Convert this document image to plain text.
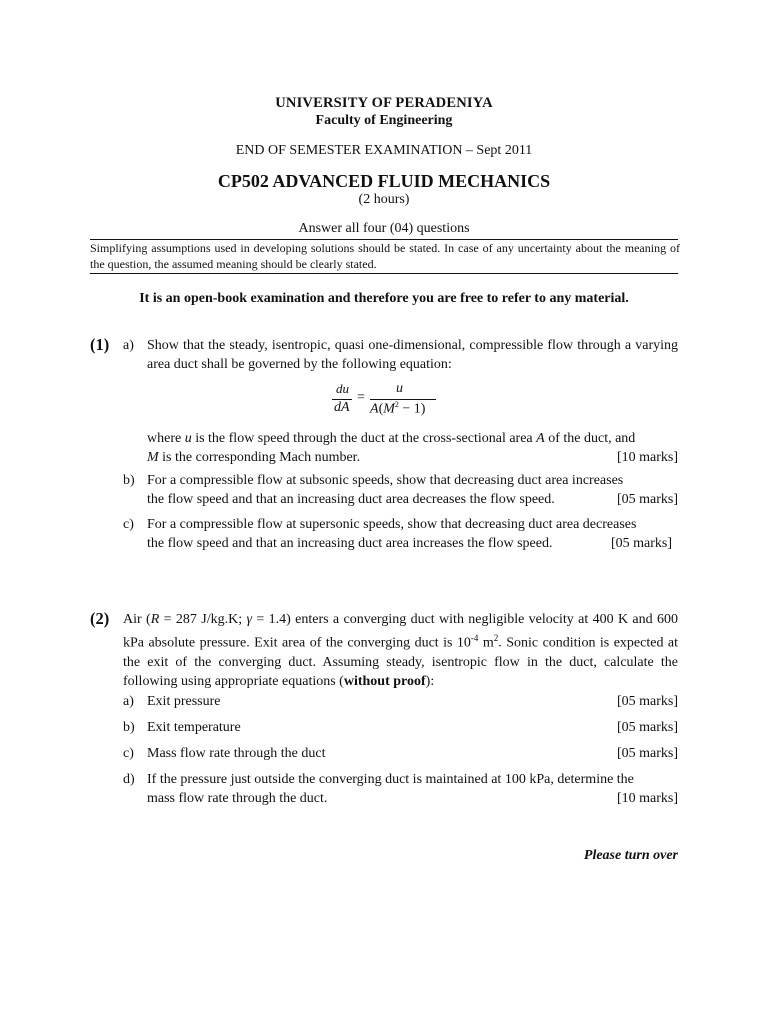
UNIVERSITY OF PERADENIYA
Faculty of Engineering
END OF SEMESTER EXAMINATION – Sept 2011
CP502 ADVANCED FLUID MECHANICS
(2 hours)
Answer all four (04) questions
Simplifying assumptions used in developing solutions should be stated. In case of any uncertainty about the meaning of the question, the assumed meaning should be clearly stated.
It is an open-book examination and therefore you are free to refer to any material.
(1) a) Show that the steady, isentropic, quasi one-dimensional, compressible flow through a varying area duct shall be governed by the following equation:
du
dA
=
u
$A(M^2 - 1)$
where u is the flow speed through the duct at the cross-sectional area A of the duct, and
M is the corresponding Mach number.	[10 marks]
b) For a compressible flow at subsonic speeds, show that decreasing duct area increases
the flow speed and that an increasing duct area decreases the flow speed.	[05 marks]
c) For a compressible flow at supersonic speeds, show that decreasing duct area decreases
the flow speed and that an increasing duct area increases the flow speed.	[05 marks]
(2) Air (R = 287 J/kg.K; γ = 1.4) enters a converging duct with negligible velocity at 400 K and 600 kPa absolute pressure. Exit area of the converging duct is $10^{-4}$ $m^2$. Sonic condition is expected at the exit of the converging duct. Assuming steady, isentropic flow in the duct, calculate the following using appropriate equations (without proof):
a) Exit pressure	[05 marks]
b) Exit temperature	[05 marks]
c) Mass flow rate through the duct	[05 marks]
d) If the pressure just outside the converging duct is maintained at 100 kPa, determine the
mass flow rate through the duct.	[10 marks]
Please turn over
